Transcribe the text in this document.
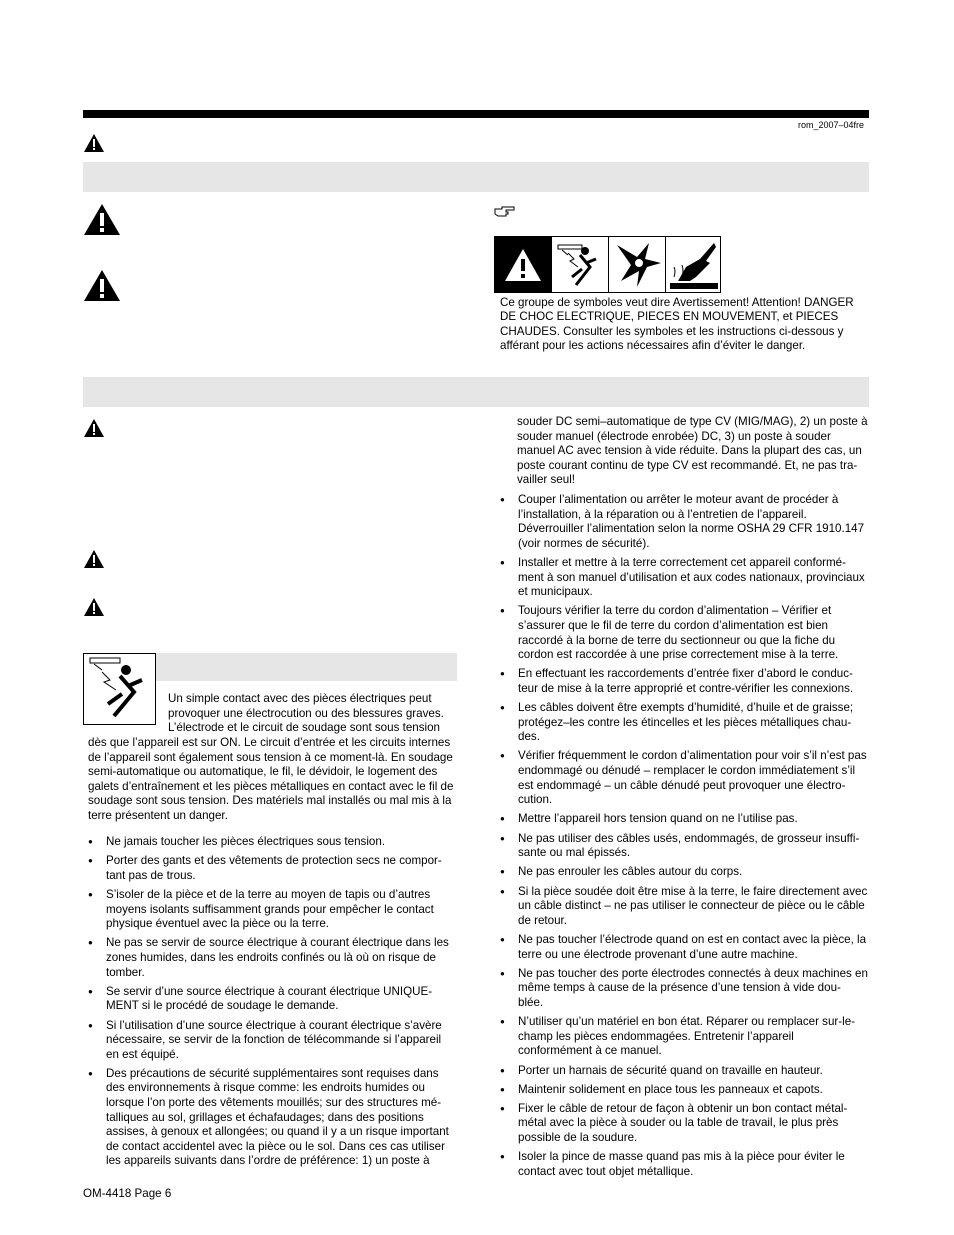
rom_2007–04fre
Ce groupe de symboles veut dire Avertissement! Attention! DANGER DE CHOC ELECTRIQUE, PIECES EN MOUVEMENT, et PIECES CHAUDES. Consulter les symboles et les instructions ci-dessous y afférant pour les actions nécessaires afin d’éviter le danger.
Un simple contact avec des pièces électriques peut provoquer une électrocution ou des blessures graves. L’électrode et le circuit de soudage sont sous tension
dès que l’appareil est sur ON. Le circuit d’entrée et les circuits internes de l’appareil sont également sous tension à ce moment-là. En soudage semi-automatique ou automatique, le fil, le dévidoir, le logement des galets d’entraînement et les pièces métalliques en contact avec le fil de soudage sont sous tension. Des matériels mal installés ou mal mis à la terre présentent un danger.
● Ne jamais toucher les pièces électriques sous tension.
● Porter des gants et des vêtements de protection secs ne compor- tant pas de trous.
● S’isoler de la pièce et de la terre au moyen de tapis ou d’autres moyens isolants suffisamment grands pour empêcher le contact physique éventuel avec la pièce ou la terre.
● Ne pas se servir de source électrique à courant électrique dans les zones humides, dans les endroits confinés ou là où on risque de tomber.
● Se servir d’une source électrique à courant électrique UNIQUE- MENT si le procédé de soudage le demande.
● Si l’utilisation d’une source électrique à courant électrique s’avère nécessaire, se servir de la fonction de télécommande si l’appareil en est équipé.
● Des précautions de sécurité supplémentaires sont requises dans des environnements à risque comme: les endroits humides ou lorsque l’on porte des vêtements mouillés; sur des structures mé- talliques au sol, grillages et échafaudages; dans des positions assises, à genoux et allongées; ou quand il y a un risque important de contact accidentel avec la pièce ou le sol. Dans ces cas utiliser les appareils suivants dans l’ordre de préférence: 1) un poste à
souder DC semi–automatique de type CV (MIG/MAG), 2) un poste à souder manuel (électrode enrobée) DC, 3) un poste à souder manuel AC avec tension à vide réduite. Dans la plupart des cas, un poste courant continu de type CV est recommandé. Et, ne pas tra- vailler seul!
● Couper l’alimentation ou arrêter le moteur avant de procéder à l’installation, à la réparation ou à l’entretien de l’appareil. Déverrouiller l’alimentation selon la norme OSHA 29 CFR 1910.147 (voir normes de sécurité).
● Installer et mettre à la terre correctement cet appareil conformé- ment à son manuel d’utilisation et aux codes nationaux, provinciaux et municipaux.
● Toujours vérifier la terre du cordon d’alimentation – Vérifier et s’assurer que le fil de terre du cordon d’alimentation est bien raccordé à la borne de terre du sectionneur ou que la fiche du cordon est raccordée à une prise correctement mise à la terre.
● En effectuant les raccordements d’entrée fixer d’abord le conduc- teur de mise à la terre approprié et contre-vérifier les connexions.
● Les câbles doivent être exempts d’humidité, d’huile et de graisse; protégez–les contre les étincelles et les pièces métalliques chau- des.
● Vérifier fréquemment le cordon d’alimentation pour voir s’il n’est pas endommagé ou dénudé – remplacer le cordon immédiatement s’il est endommagé – un câble dénudé peut provoquer une électro- cution.
● Mettre l’appareil hors tension quand on ne l’utilise pas.
● Ne pas utiliser des câbles usés, endommagés, de grosseur insuffi- sante ou mal épissés.
● Ne pas enrouler les câbles autour du corps.
● Si la pièce soudée doit être mise à la terre, le faire directement avec un câble distinct – ne pas utiliser le connecteur de pièce ou le câble de retour.
● Ne pas toucher l’électrode quand on est en contact avec la pièce, la terre ou une électrode provenant d’une autre machine.
● Ne pas toucher des porte électrodes connectés à deux machines en même temps à cause de la présence d’une tension à vide dou- blée.
● N’utiliser qu’un matériel en bon état. Réparer ou remplacer sur-le-champ les pièces endommagées. Entretenir l’appareil conformément à ce manuel.
● Porter un harnais de sécurité quand on travaille en hauteur.
● Maintenir solidement en place tous les panneaux et capots.
● Fixer le câble de retour de façon à obtenir un bon contact métal- métal avec la pièce à souder ou la table de travail, le plus près possible de la soudure.
● Isoler la pince de masse quand pas mis à la pièce pour éviter le contact avec tout objet métallique.
OM-4418 Page 6
